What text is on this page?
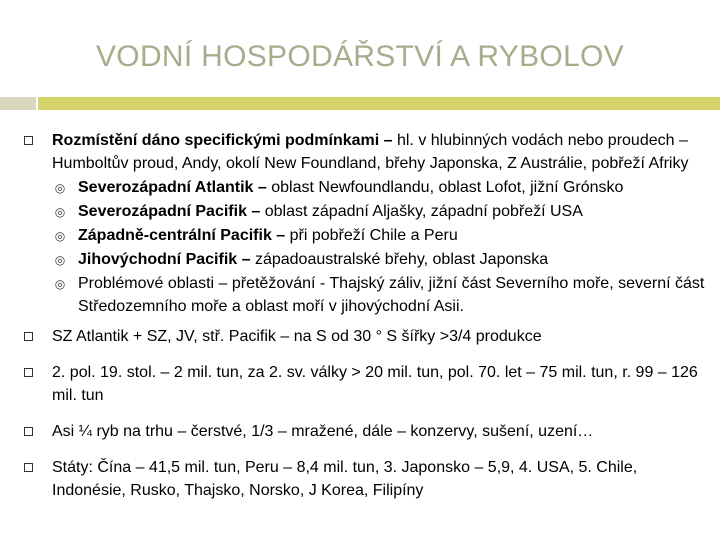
VODNÍ HOSPODÁŘSTVÍ A RYBOLOV
Rozmístění dáno specifickými podmínkami – hl. v hlubinných vodách nebo proudech – Humboltův proud, Andy, okolí New Foundland, břehy Japonska, Z Austrálie, pobřeží Afriky
◎ Severozápadní Atlantik – oblast Newfoundlandu, oblast Lofot, jižní Grónsko
◎ Severozápadní Pacifik – oblast západní Aljašky, západní pobřeží USA
◎ Západně-centrální Pacifik – při pobřeží Chile a Peru
◎ Jihovýchodní Pacifik – západoaustralské břehy, oblast Japonska
◎ Problémové oblasti – přetěžování - Thajský záliv, jižní část Severního moře, severní část Středozemního moře a oblast moří v jihovýchodní Asii.
SZ Atlantik + SZ, JV, stř. Pacifik – na S od 30 ° S šířky >3/4 produkce
2. pol. 19. stol. – 2 mil. tun, za 2. sv. války > 20 mil. tun, pol. 70. let – 75 mil. tun, r. 99 – 126 mil. tun
Asi ¼ ryb na trhu – čerstvé, 1/3 – mražené, dále – konzervy, sušení, uzení…
Státy: Čína – 41,5 mil. tun, Peru – 8,4 mil. tun, 3. Japonsko – 5,9, 4. USA, 5. Chile, Indonésie, Rusko, Thajsko, Norsko, J Korea, Filipíny
